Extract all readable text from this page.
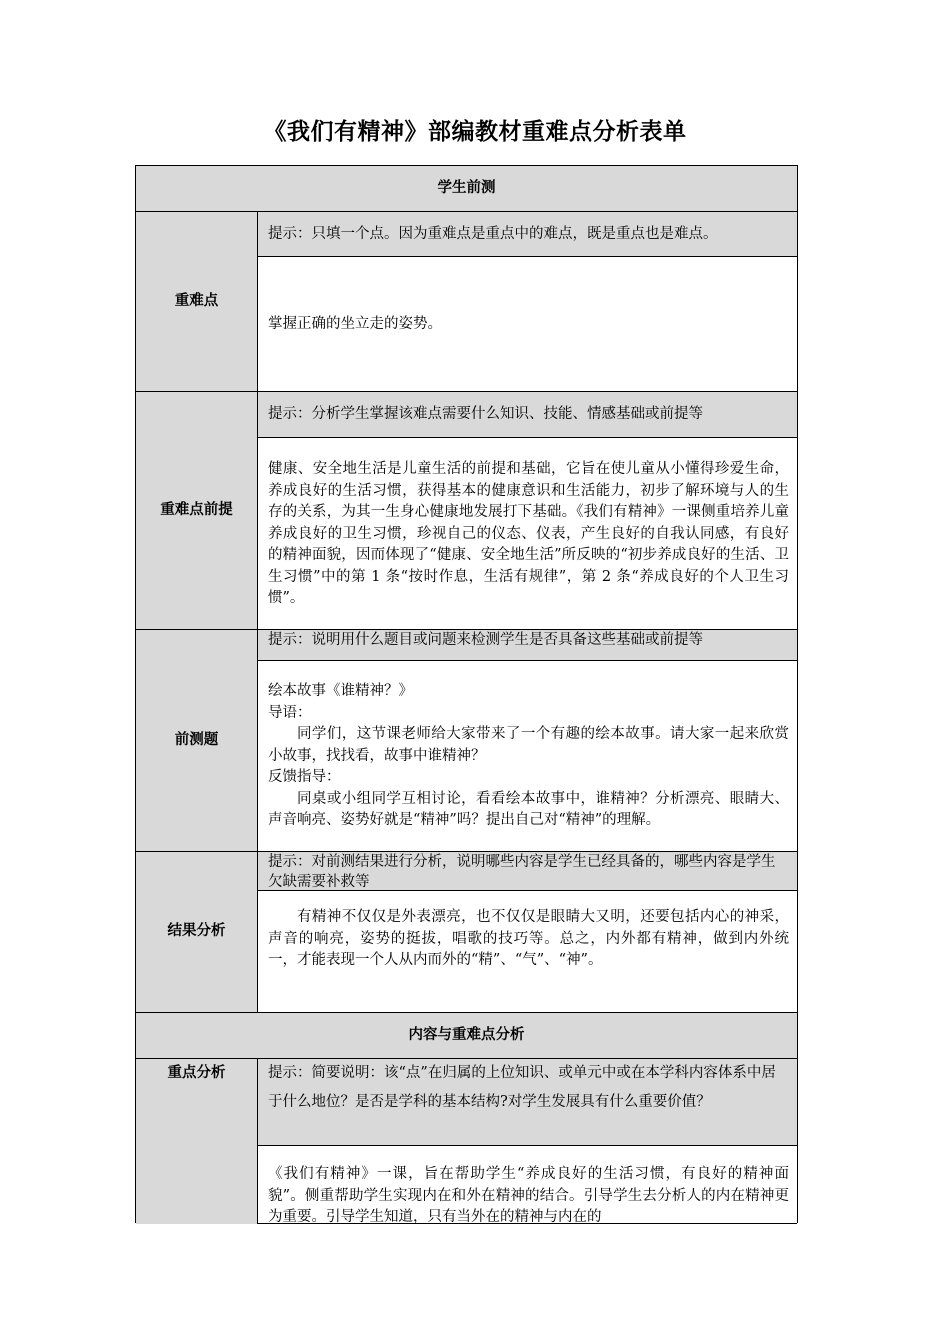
《我们有精神》部编教材重难点分析表单
学生前测
重难点
提示：只填一个点。因为重难点是重点中的难点，既是重点也是难点。

掌握正确的坐立走的姿势。

重难点前提
提示：分析学生掌握该难点需要什么知识、技能、情感基础或前提等

健康、安全地生活是儿童生活的前提和基础，它旨在使儿童从小懂得珍爱生命，养成良好的生活习惯，获得基本的健康意识和生活能力，初步了解环境与人的生存的关系，为其一生身心健康地发展打下基础。《我们有精神》一课侧重培养儿童养成良好的卫生习惯，珍视自己的仪态、仪表，产生良好的自我认同感，有良好的精神面貌，因而体现了“健康、安全地生活”所反映的“初步养成良好的生活、卫生习惯”中的第 1 条“按时作息，生活有规律”，第 2 条“养成良好的个人卫生习惯”。

前测题
提示：说明用什么题目或问题来检测学生是否具备这些基础或前提等

绘本故事《谁精神？》

导语：

同学们，这节课老师给大家带来了一个有趣的绘本故事。请大家一起来欣赏小故事，找找看，故事中谁精神？

反馈指导：

同桌或小组同学互相讨论，看看绘本故事中，谁精神？分析漂亮、眼睛大、声音响亮、姿势好就是“精神”吗？提出自己对“精神”的理解。

结果分析
提示：对前测结果进行分析，说明哪些内容是学生已经具备的，哪些内容是学生欠缺需要补救等

有精神不仅仅是外表漂亮，也不仅仅是眼睛大又明，还要包括内心的神采，声音的响亮，姿势的挺拔，唱歌的技巧等。总之，内外都有精神，做到内外统一，才能表现一个人从内而外的“精”、“气”、“神”。

内容与重难点分析
重点分析	提示：简要说明：该“点”在归属的上位知识、或单元中或在本学科内容体系中居于什么地位？是否是学科的基本结构?对学生发展具有什么重要价值？

《我们有精神》一课，旨在帮助学生“养成良好的生活习惯，有良好的精神面貌”。侧重帮助学生实现内在和外在精神的结合。引导学生去分析人的内在精神更为重要。引导学生知道，只有当外在的精神与内在的
